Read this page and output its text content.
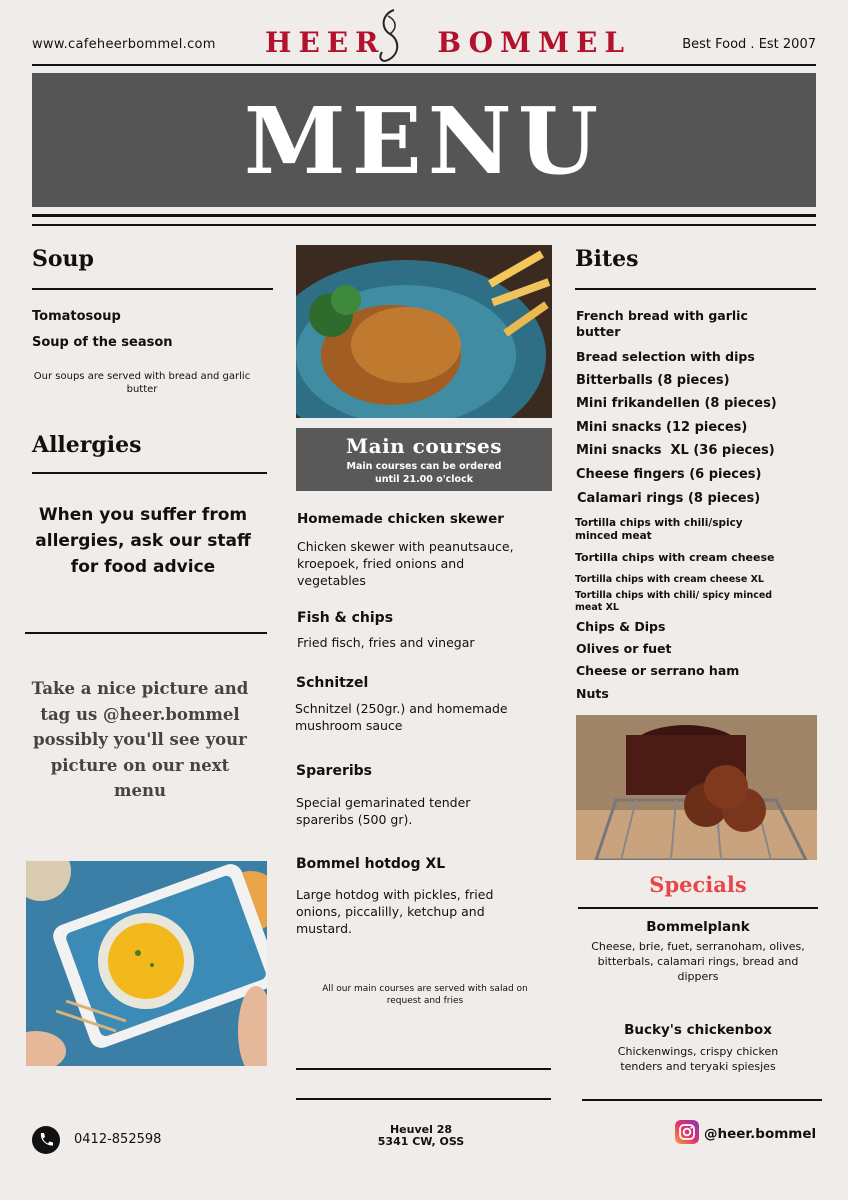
www.cafeheerbommel.com HEER BOMMEL	Best Food . Est 2007
MENU
Soup
Tomatosoup
Soup of the season
Our soups are served with bread and garlic butter
Allergies
When you suffer from allergies, ask our staff for food advice
Take a nice picture and tag us @heer.bommel possibly you'll see your picture on our next menu
Main courses
Main courses can be ordered until 21.00 o'clock
Homemade chicken skewer
Chicken skewer with peanutsauce, kroepoek, fried onions and vegetables
Fish & chips
Fried fisch, fries and vinegar
Schnitzel
Schnitzel (250gr.) and homemade mushroom sauce
Spareribs
Special gemarinated tender spareribs (500 gr).
Bommel hotdog XL
Large hotdog with pickles, fried onions, piccalilly, ketchup and mustard.
All our main courses are served with salad on request and fries
Bites
French bread with garlic butter
Bread selection with dips
Bitterballs (8 pieces)
Mini frikandellen (8 pieces)
Mini snacks (12 pieces)
Mini snacks  XL (36 pieces)
Cheese fingers (6 pieces)
Calamari rings (8 pieces)
Tortilla chips with chili/spicy minced meat
Tortilla chips with cream cheese
Tortilla chips with cream cheese XL
Tortilla chips with chili/ spicy minced meat XL
Chips & Dips
Olives or fuet
Cheese or serrano ham
Nuts
Specials
Bommelplank
Cheese, brie, fuet, serranoham, olives, bitterbals, calamari rings, bread and dippers
Bucky's chickenbox
Chickenwings, crispy chicken tenders and teryaki spiesjes
0412-852598
Heuvel 28
5341 CW, OSS	@heer.bommel
